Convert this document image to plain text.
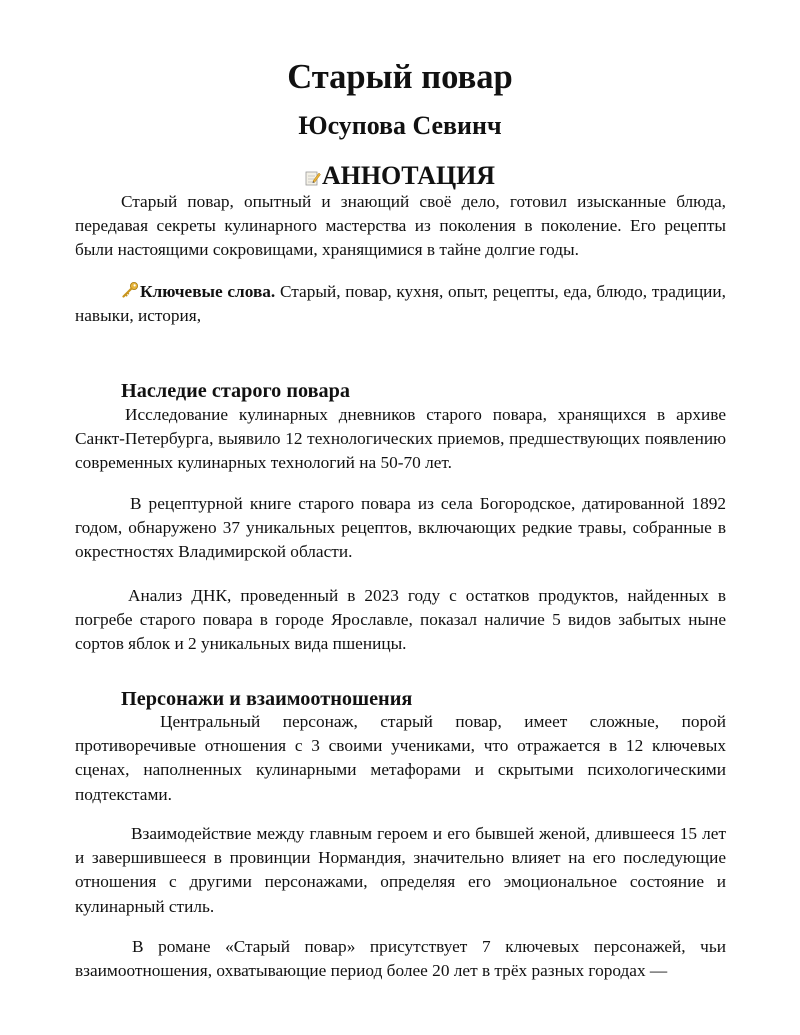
Старый повар
Юсупова Севинч
АННОТАЦИЯ

Старый повар, опытный и знающий своё дело, готовил изысканные блюда, передавая секреты кулинарного мастерства из поколения в поколение. Его рецепты были настоящими сокровищами, хранящимися в тайне долгие годы.

Ключевые слова. Старый, повар, кухня, опыт, рецепты, еда, блюдо, традиции, навыки, история,

Наследие старого повара

Исследование кулинарных дневников старого повара, хранящихся в архиве Санкт-Петербурга, выявило 12 технологических приемов, предшествующих появлению современных кулинарных технологий на 50-70 лет.

В рецептурной книге старого повара из села Богородское, датированной 1892 годом, обнаружено 37 уникальных рецептов, включающих редкие травы, собранные в окрестностях Владимирской области.

Анализ ДНК, проведенный в 2023 году с остатков продуктов, найденных в погребе старого повара в городе Ярославле, показал наличие 5 видов забытых ныне сортов яблок и 2 уникальных вида пшеницы.

Персонажи и взаимоотношения

Центральный персонаж, старый повар, имеет сложные, порой противоречивые отношения с 3 своими учениками, что отражается в 12 ключевых сценах, наполненных кулинарными метафорами и скрытыми психологическими подтекстами.

Взаимодействие между главным героем и его бывшей женой, длившееся 15 лет и завершившееся в провинции Нормандия, значительно влияет на его последующие отношения с другими персонажами, определяя его эмоциональное состояние и кулинарный стиль.

В романе «Старый повар» присутствует 7 ключевых персонажей, чьи взаимоотношения, охватывающие период более 20 лет в трёх разных городах —
